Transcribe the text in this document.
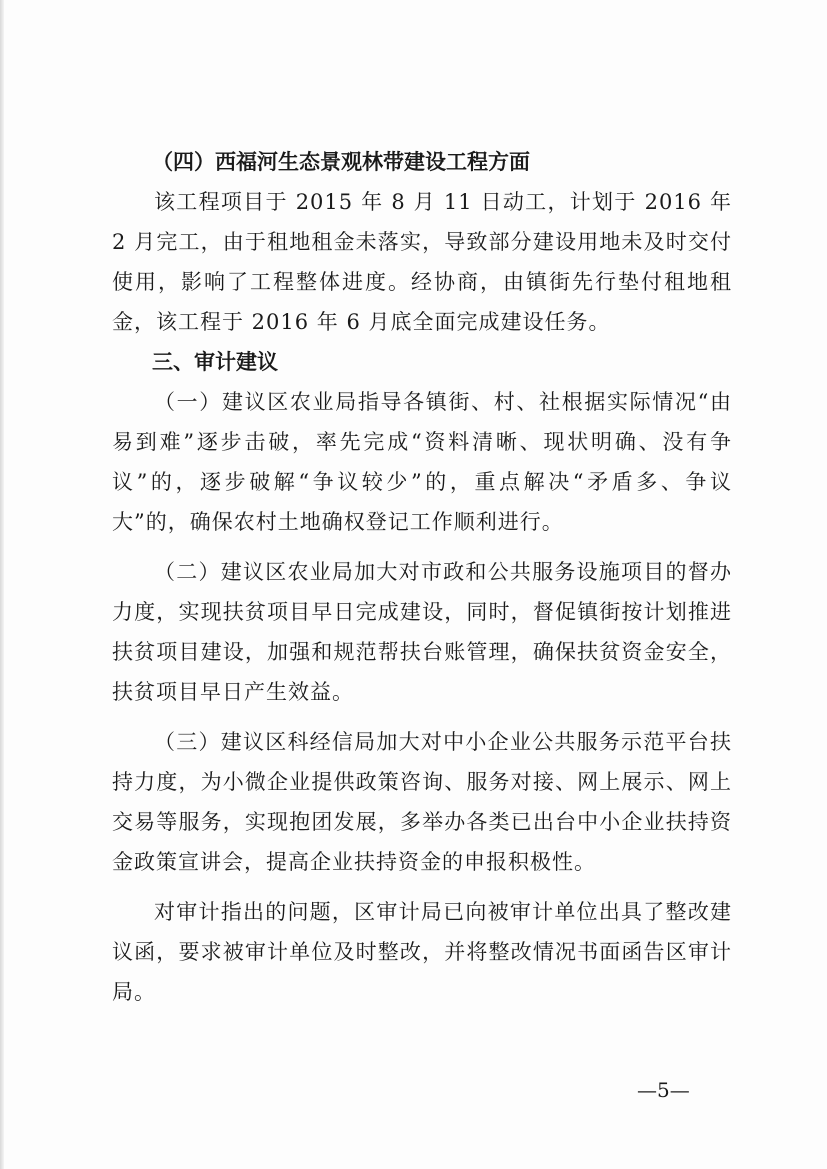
（四）西福河生态景观林带建设工程方面

该工程项目于 2015 年 8 月 11 日动工，计划于 2016 年 2 月完工，由于租地租金未落实，导致部分建设用地未及时交付使用，影响了工程整体进度。经协商，由镇街先行垫付租地租金，该工程于 2016 年 6 月底全面完成建设任务。

三、审计建议

（一）建议区农业局指导各镇街、村、社根据实际情况“由易到难”逐步击破，率先完成“资料清晰、现状明确、没有争议”的，逐步破解“争议较少”的，重点解决“矛盾多、争议大”的，确保农村土地确权登记工作顺利进行。

（二）建议区农业局加大对市政和公共服务设施项目的督办力度，实现扶贫项目早日完成建设，同时，督促镇街按计划推进扶贫项目建设，加强和规范帮扶台账管理，确保扶贫资金安全，扶贫项目早日产生效益。

（三）建议区科经信局加大对中小企业公共服务示范平台扶持力度，为小微企业提供政策咨询、服务对接、网上展示、网上交易等服务，实现抱团发展，多举办各类已出台中小企业扶持资金政策宣讲会，提高企业扶持资金的申报积极性。

对审计指出的问题，区审计局已向被审计单位出具了整改建议函，要求被审计单位及时整改，并将整改情况书面函告区审计局。

—5—
